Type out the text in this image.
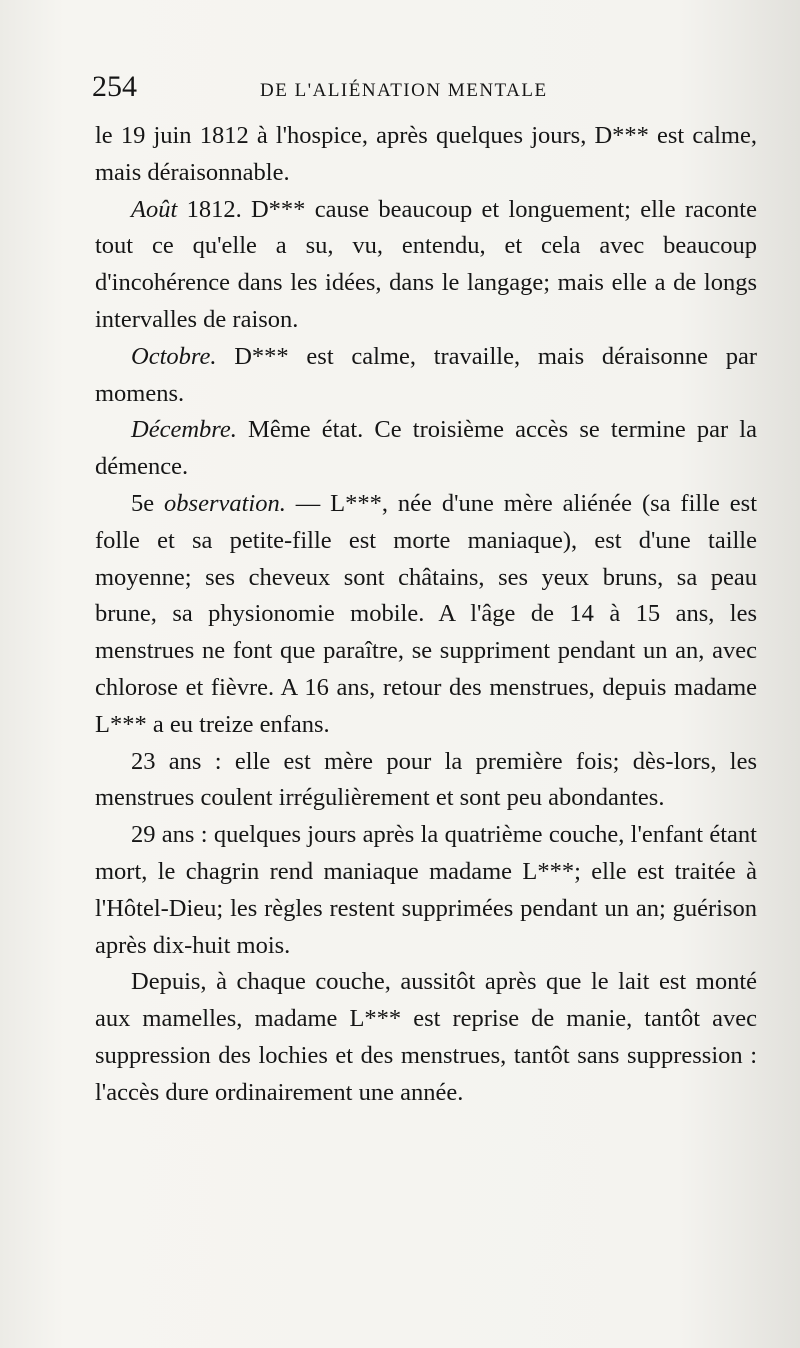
254	DE L'ALIÉNATION MENTALE

le 19 juin 1812 à l'hospice, après quelques jours, D*** est calme, mais déraisonnable.

Août 1812. D*** cause beaucoup et longuement; elle raconte tout ce qu'elle a su, vu, entendu, et cela avec beaucoup d'incohérence dans les idées, dans le langage; mais elle a de longs intervalles de raison.

Octobre. D*** est calme, travaille, mais déraisonne par momens.

Décembre. Même état. Ce troisième accès se termine par la démence.

5e observation. — L***, née d'une mère aliénée (sa fille est folle et sa petite-fille est morte maniaque), est d'une taille moyenne; ses cheveux sont châtains, ses yeux bruns, sa peau brune, sa physionomie mobile. A l'âge de 14 à 15 ans, les menstrues ne font que paraître, se suppriment pendant un an, avec chlorose et fièvre. A 16 ans, retour des menstrues, depuis madame L*** a eu treize enfans.

23 ans : elle est mère pour la première fois; dès-lors, les menstrues coulent irrégulièrement et sont peu abondantes.

29 ans : quelques jours après la quatrième couche, l'enfant étant mort, le chagrin rend maniaque madame L***; elle est traitée à l'Hôtel-Dieu; les règles restent supprimées pendant un an; guérison après dix-huit mois.

Depuis, à chaque couche, aussitôt après que le lait est monté aux mamelles, madame L*** est reprise de manie, tantôt avec suppression des lochies et des menstrues, tantôt sans suppression : l'accès dure ordinairement une année.
